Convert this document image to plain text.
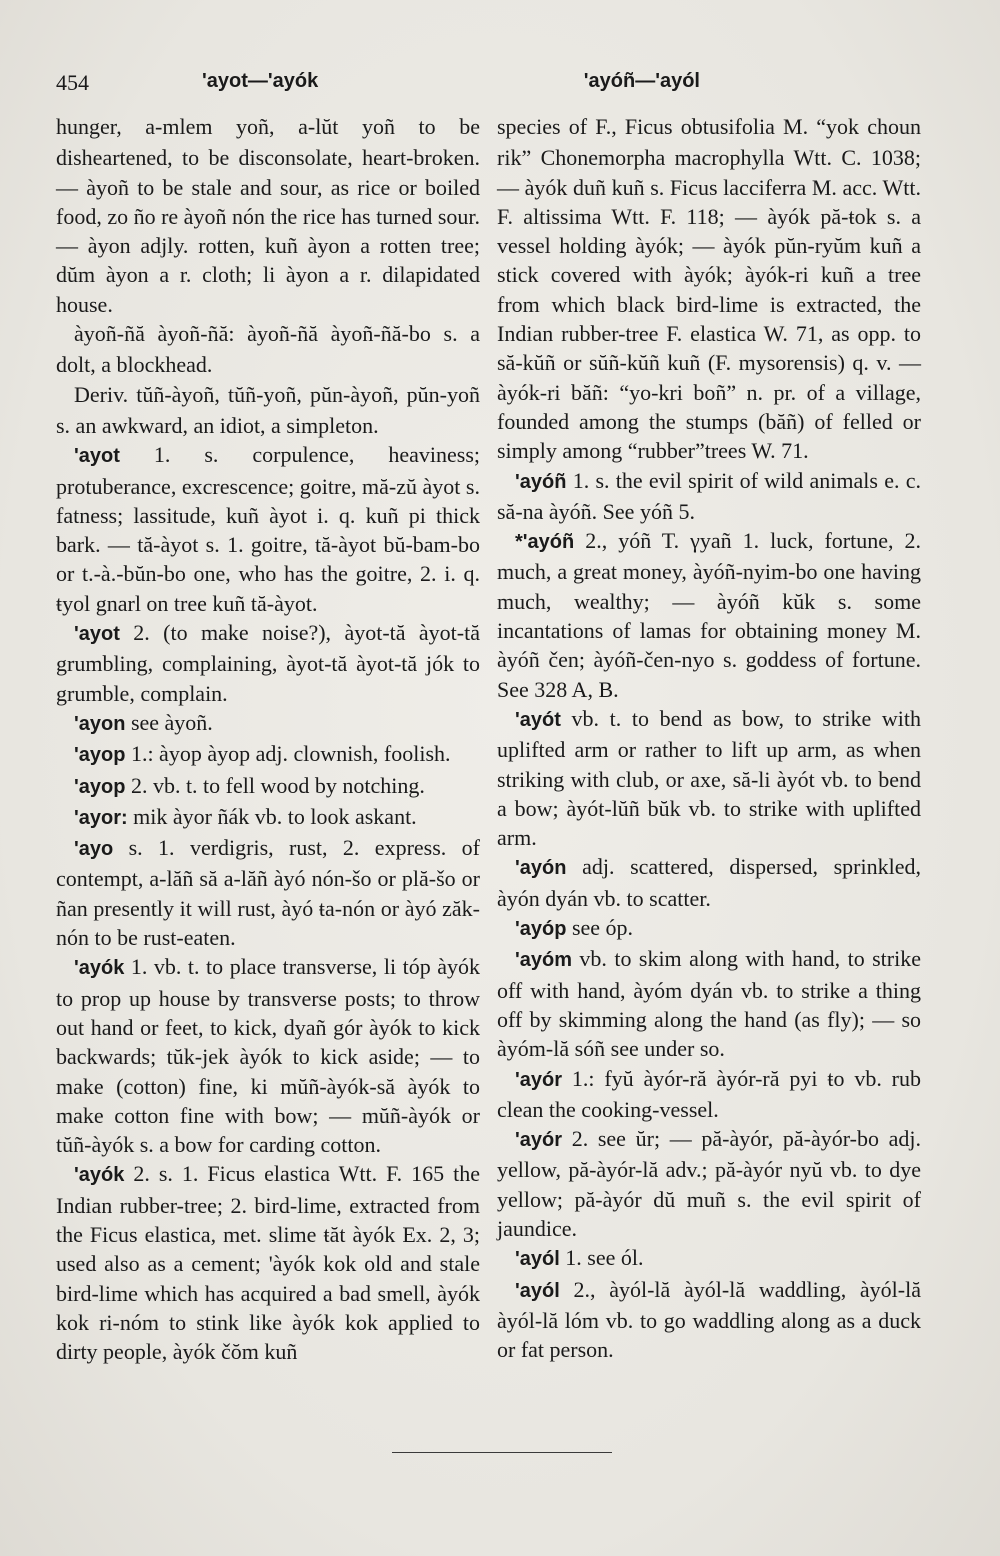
454	'ayot—'ayók	'ayóñ—'ayól

hunger, a-mlem yoñ, a-lŭt yoñ to be disheartened, to be disconsolate, heart-broken. — àyoñ to be stale and sour, as rice or boiled food, zo ño re àyoñ nón the rice has turned sour. — àyon adjly. rotten, kuñ àyon a rotten tree; dŭm àyon a r. cloth; li àyon a r. dilapidated house.

àyoñ-ñă àyoñ-ñă: àyoñ-ñă àyoñ-ñă-bo s. a dolt, a blockhead.

Deriv. tŭñ-àyoñ, tŭñ-yoñ, pŭn-àyoñ, pŭn-yoñ s. an awkward, an idiot, a simpleton.

'ayot 1. s. corpulence, heaviness; protuberance, excrescence; goitre, mă-zŭ àyot s. fatness; lassitude, kuñ àyot i. q. kuñ pi thick bark. — tă-àyot s. 1. goitre, tă-àyot bŭ-bam-bo or t.-à.-bŭn-bo one, who has the goitre, 2. i. q. ŧyol gnarl on tree kuñ tă-àyot.

'ayot 2. (to make noise?), àyot-tă àyot-tă grumbling, complaining, àyot-tă àyot-tă jók to grumble, complain.

'ayon see àyoñ.

'ayop 1.: àyop àyop adj. clownish, foolish.

'ayop 2. vb. t. to fell wood by notching.

'ayor: mik àyor ñák vb. to look askant.

'ayo s. 1. verdigris, rust, 2. express. of contempt, a-lăñ să a-lăñ àyó nón-šo or plă-šo or ñan presently it will rust, àyó ŧa-nón or àyó zăk-nón to be rust-eaten.

'ayók 1. vb. t. to place transverse, li tóp àyók to prop up house by transverse posts; to throw out hand or feet, to kick, dyañ gór àyók to kick backwards; tŭk-jek àyók to kick aside; — to make (cotton) fine, ki mŭñ-àyók-să àyók to make cotton fine with bow; — mŭñ-àyók or tŭñ-àyók s. a bow for carding cotton.

'ayók 2. s. 1. Ficus elastica Wtt. F. 165 the Indian rubber-tree; 2. bird-lime, extracted from the Ficus elastica, met. slime ŧăt àyók Ex. 2, 3; used also as a cement; 'àyók kok old and stale bird-lime which has acquired a bad smell, àyók kok ri-nóm to stink like àyók kok applied to dirty people, àyók čŏm kuñ

species of F., Ficus obtusifolia M. “yok choun rik” Chonemorpha macrophylla Wtt. C. 1038; — àyók duñ kuñ s. Ficus lacciferra M. acc. Wtt. F. altissima Wtt. F. 118; — àyók pă-ŧok s. a vessel holding àyók; — àyók pŭn-ryŭm kuñ a stick covered with àyók; àyók-ri kuñ a tree from which black bird-lime is extracted, the Indian rubber-tree F. elastica W. 71, as opp. to să-kŭñ or sŭñ-kŭñ kuñ (F. mysorensis) q. v. — àyók-ri băñ: “yo-kri boñ” n. pr. of a village, founded among the stumps (băñ) of felled or simply among “rubber”trees W. 71.

'ayóñ 1. s. the evil spirit of wild animals e. c. să-na àyóñ. See yóñ 5.

*'ayóñ 2., yóñ T. γyañ 1. luck, fortune, 2. much, a great money, àyóñ-nyim-bo one having much, wealthy; — àyóñ kŭk s. some incantations of lamas for obtaining money M. àyóñ čen; àyóñ-čen-nyo s. goddess of fortune. See 328 A, B.

'ayót vb. t. to bend as bow, to strike with uplifted arm or rather to lift up arm, as when striking with club, or axe, să-li àyót vb. to bend a bow; àyót-lŭñ bŭk vb. to strike with uplifted arm.

'ayón adj. scattered, dispersed, sprinkled, àyón dyán vb. to scatter.

'ayóp see óp.

'ayóm vb. to skim along with hand, to strike off with hand, àyóm dyán vb. to strike a thing off by skimming along the hand (as fly); — so àyóm-lă sóñ see under so.

'ayór 1.: fyŭ àyór-ră àyór-ră pyi ŧo vb. rub clean the cooking-vessel.

'ayór 2. see ŭr; — pă-àyór, pă-àyór-bo adj. yellow, pă-àyór-lă adv.; pă-àyór nyŭ vb. to dye yellow; pă-àyór dŭ muñ s. the evil spirit of jaundice.

'ayól 1. see ól.

'ayól 2., àyól-lă àyól-lă waddling, àyól-lă àyól-lă lóm vb. to go waddling along as a duck or fat person.
